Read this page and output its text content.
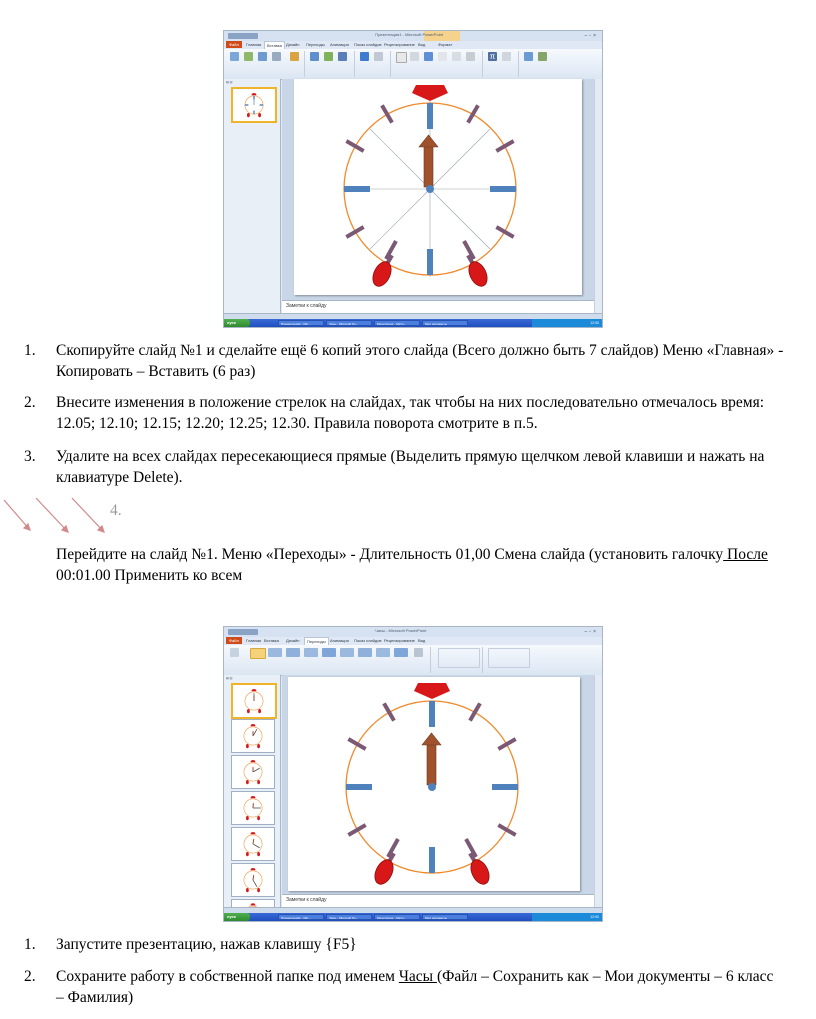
Презентация1 - Microsoft PowerPoint	–▫×
Файл	Главная	Вставка	Дизайн Переходы Анимация Показ слайдов Рецензирование Вид	Формат
π
▤ ▥
Заметки к слайду
пуск	Презентация1 - Mic...	Часы - Microsoft Po...	Мониторинг - Micro...	Мои документы	12:00
1. Скопируйте слайд №1 и сделайте ещё 6 копий этого слайда (Всего должно быть 7 слайдов) Меню «Главная» - Копировать – Вставить (6 раз)
2. Внесите изменения в положение стрелок на слайдах, так чтобы на них последовательно отмечалось время: 12.05; 12.10; 12.15; 12.20; 12.25; 12.30. Правила поворота смотрите в п.5.
3. Удалите на всех слайдах пересекающиеся прямые (Выделить прямую щелчком левой клавиши и нажать на клавиатуре Delete).
4.
Перейдите на слайд №1. Меню «Переходы» - Длительность 01,00 Смена слайда (установить галочку После 00:01.00 Применить ко всем
Часы - Microsoft PowerPoint	–▫×
Файл	Главная Вставка Дизайн	Переходы	Анимация Показ слайдов Рецензирование Вид
▤ ▥
Заметки к слайду
пуск	Презентация1 - Mic...	Часы - Microsoft Po...	Мониторинг - Micro...	Мои документы	12:00
1. Запустите презентацию, нажав клавишу {F5}
2. Сохраните работу в собственной папке под именем Часы (Файл – Сохранить как – Мои документы – 6 класс – Фамилия)
